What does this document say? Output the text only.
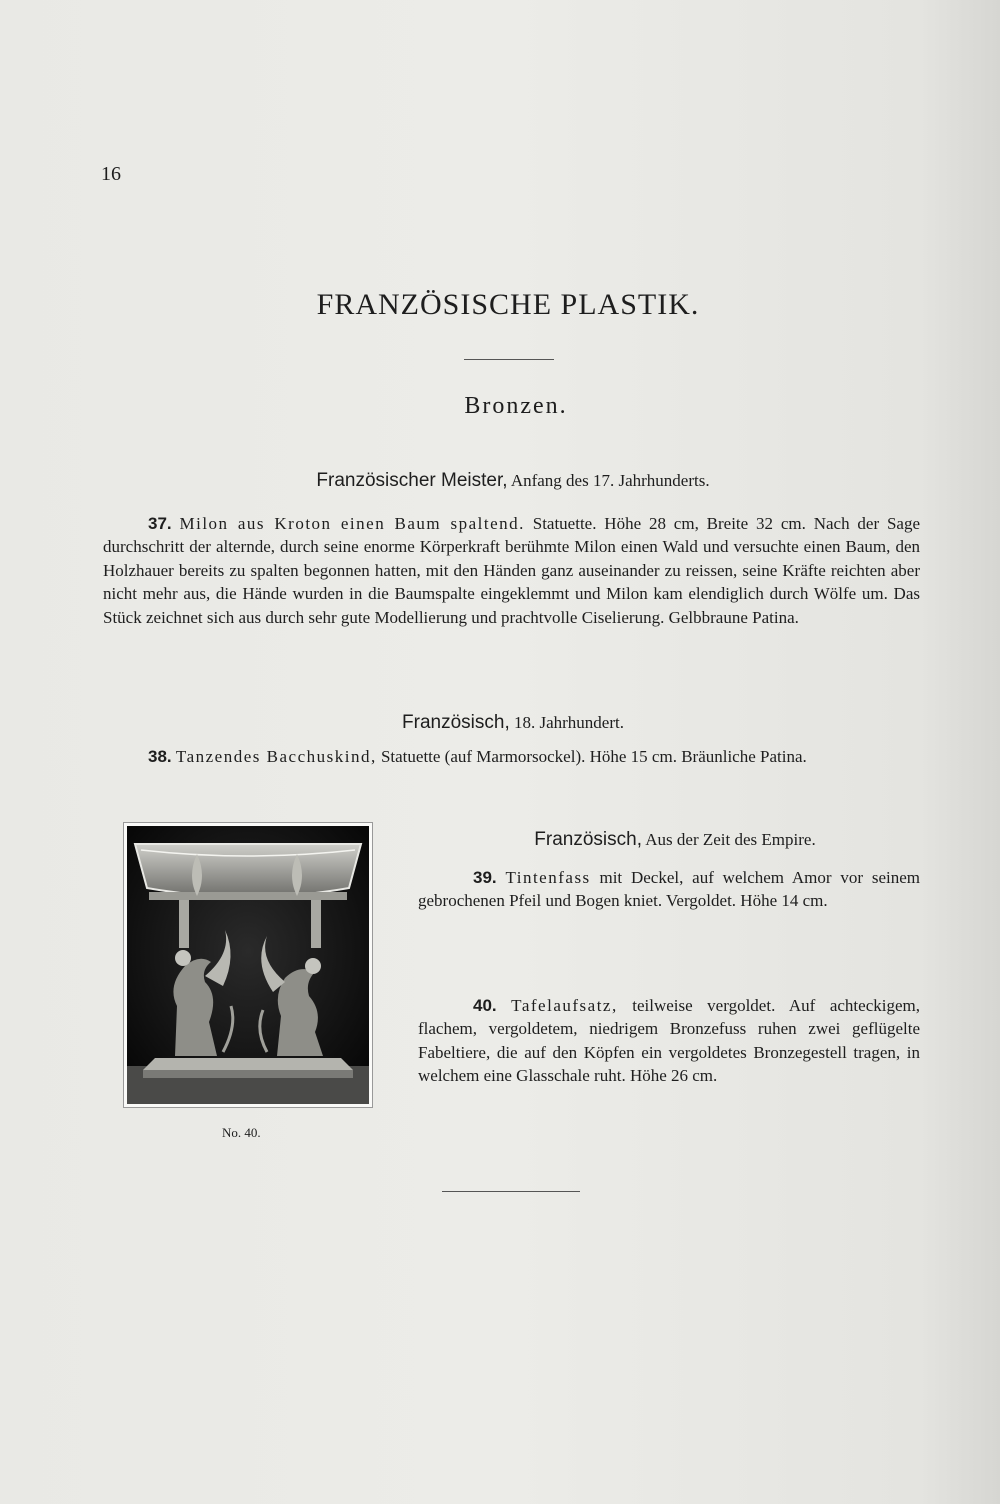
16
FRANZÖSISCHE PLASTIK.
Bronzen.
Französischer Meister, Anfang des 17. Jahrhunderts.
37. Milon aus Kroton einen Baum spaltend. Statuette. Höhe 28 cm, Breite 32 cm. Nach der Sage durchschritt der alternde, durch seine enorme Körperkraft berühmte Milon einen Wald und versuchte einen Baum, den Holzhauer bereits zu spalten begonnen hatten, mit den Händen ganz auseinander zu reissen, seine Kräfte reichten aber nicht mehr aus, die Hände wurden in die Baumspalte eingeklemmt und Milon kam elendiglich durch Wölfe um. Das Stück zeichnet sich aus durch sehr gute Modellierung und prachtvolle Ciselierung. Gelbbraune Patina.
Französisch, 18. Jahrhundert.
38. Tanzendes Bacchuskind, Statuette (auf Marmorsockel). Höhe 15 cm. Bräunliche Patina.
No. 40.
Französisch, Aus der Zeit des Empire.
39. Tintenfass mit Deckel, auf welchem Amor vor seinem gebrochenen Pfeil und Bogen kniet. Vergoldet. Höhe 14 cm.
40. Tafelaufsatz, teilweise vergoldet. Auf achteckigem, flachem, vergoldetem, niedrigem Bronzefuss ruhen zwei geflügelte Fabeltiere, die auf den Köpfen ein vergoldetes Bronzegestell tragen, in welchem eine Glasschale ruht. Höhe 26 cm.
